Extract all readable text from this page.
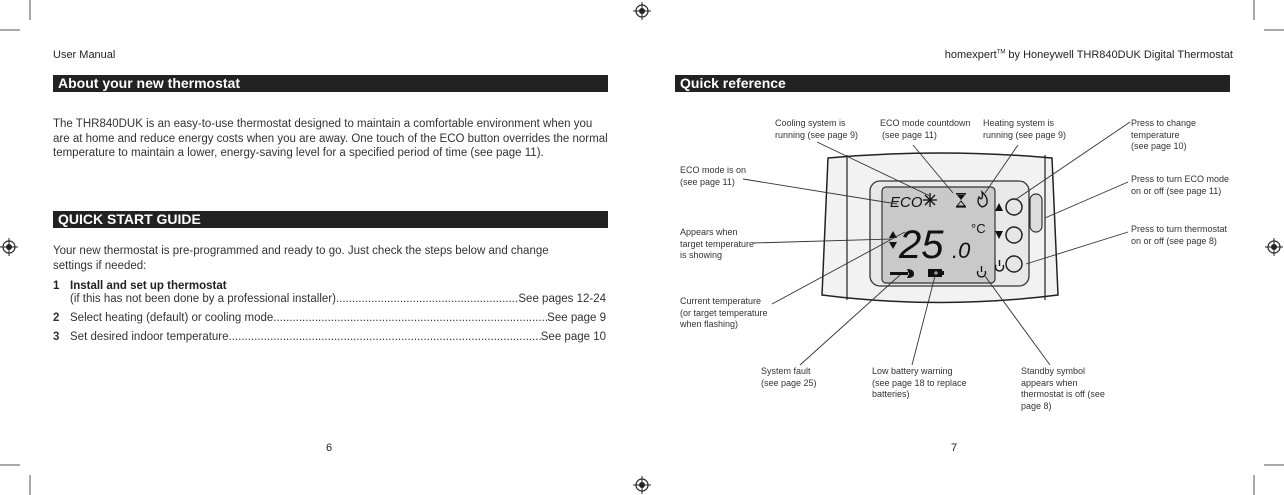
User Manual	homexpert™ by Honeywell THR840DUK Digital Thermostat
About your new thermostat
The THR840DUK is an easy-to-use thermostat designed to maintain a comfortable environment when you
are at home and reduce energy costs when you are away. One touch of the ECO button overrides the normal
temperature to maintain a lower, energy-saving level for a specified period of time (see page 11).
QUICK START GUIDE
Your new thermostat is pre-programmed and ready to go. Just check the steps below and change
settings if needed:
1 Install and set up thermostat
(if this has not been done by a professional installer) .....	See pages 12-24
2 Select heating (default) or cooling mode .....	See page 9
3 Set desired indoor temperature .....	See page 10
6
Quick reference
ECO
25 .0
°C
Cooling system is
running (see page 9)
ECO mode countdown
(see page 11)
Heating system is
running (see page 9)
Press to change
temperature
(see page 10)
ECO mode is on
(see page 11)	Press to turn ECO mode
on or off (see page 11)
Appears when
target temperature
is showing
Press to turn thermostat
on or off (see page 8)
Current temperature
(or target temperature
when flashing)
System fault
(see page 25)
Low battery warning
(see page 18 to replace
batteries)
Standby symbol
appears when
thermostat is off (see
page 8)
7
